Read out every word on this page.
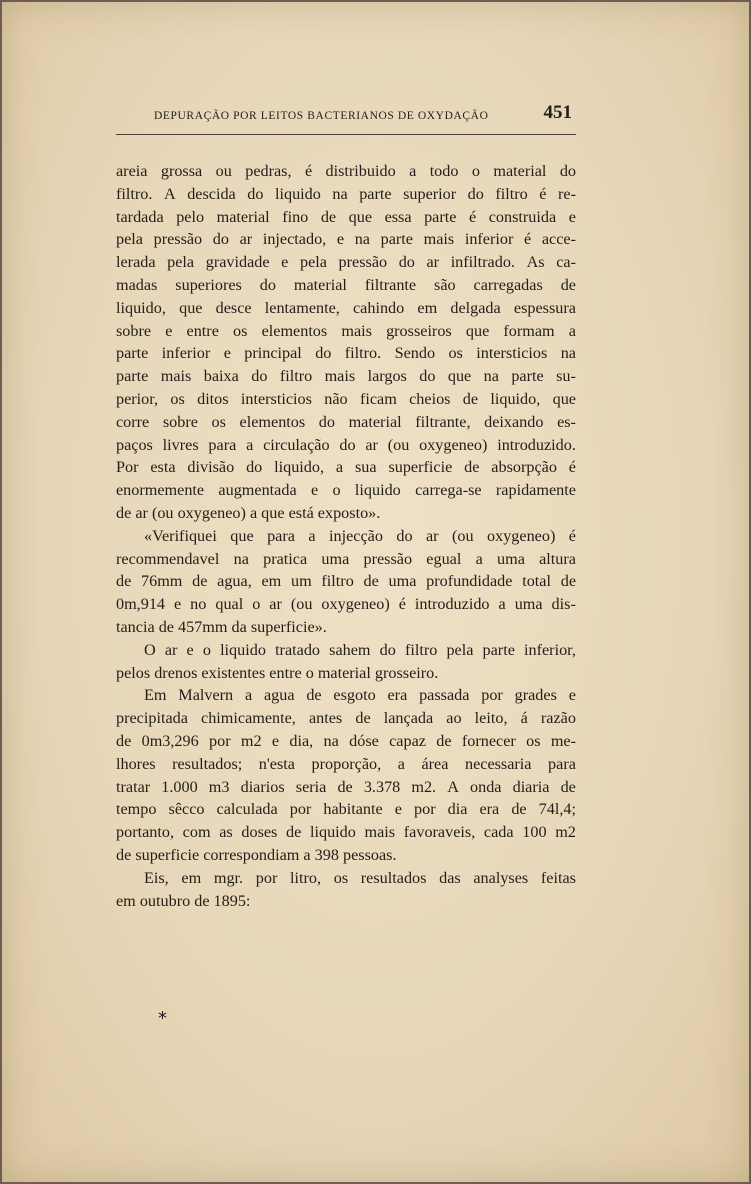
DEPURAÇÃO POR LEITOS BACTERIANOS DE OXYDAÇÃO	451
areia grossa ou pedras, é distribuido a todo o material do
filtro. A descida do liquido na parte superior do filtro é re-
tardada pelo material fino de que essa parte é construida e
pela pressão do ar injectado, e na parte mais inferior é acce-
lerada pela gravidade e pela pressão do ar infiltrado. As ca-
madas superiores do material filtrante são carregadas de
liquido, que desce lentamente, cahindo em delgada espessura
sobre e entre os elementos mais grosseiros que formam a
parte inferior e principal do filtro. Sendo os intersticios na
parte mais baixa do filtro mais largos do que na parte su-
perior, os ditos intersticios não ficam cheios de liquido, que
corre sobre os elementos do material filtrante, deixando es-
paços livres para a circulação do ar (ou oxygeneo) introduzido.
Por esta divisão do liquido, a sua superficie de absorpção é
enormemente augmentada e o liquido carrega-se rapidamente
de ar (ou oxygeneo) a que está exposto».
«Verifiquei que para a injecção do ar (ou oxygeneo) é
recommendavel na pratica uma pressão egual a uma altura
de 76mm de agua, em um filtro de uma profundidade total de
0m,914 e no qual o ar (ou oxygeneo) é introduzido a uma dis-
tancia de 457mm da superficie».
O ar e o liquido tratado sahem do filtro pela parte inferior,
pelos drenos existentes entre o material grosseiro.
Em Malvern a agua de esgoto era passada por grades e
precipitada chimicamente, antes de lançada ao leito, á razão
de 0m3,296 por m2 e dia, na dóse capaz de fornecer os me-
lhores resultados; n'esta proporção, a área necessaria para
tratar 1.000 m3 diarios seria de 3.378 m2. A onda diaria de
tempo sêcco calculada por habitante e por dia era de 74l,4;
portanto, com as doses de liquido mais favoraveis, cada 100 m2
de superficie correspondiam a 398 pessoas.
Eis, em mgr. por litro, os resultados das analyses feitas
em outubro de 1895:
*
